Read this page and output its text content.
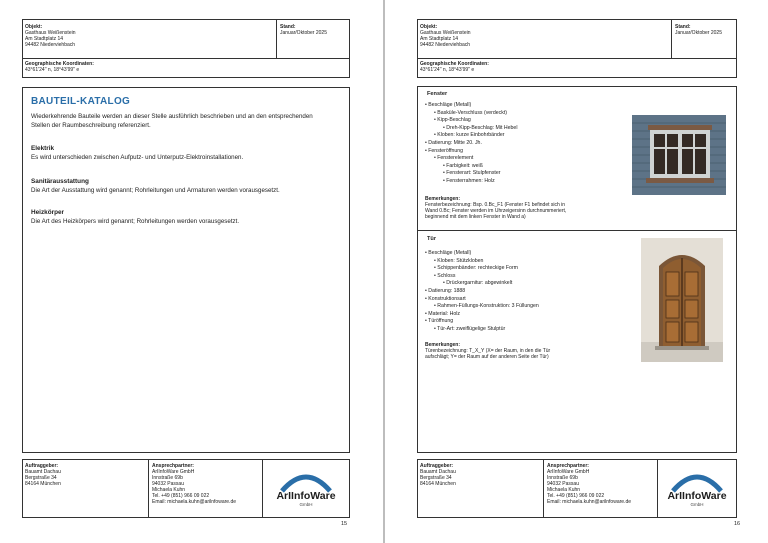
Objekt:
Gasthaus Weißenstein
Am Stadtplatz 14
94482 Niederviehbach
Stand:
Januar/Oktober 2025
Geographische Koordinaten:
43°61'24'' n, 18°43'99'' e
BAUTEIL-KATALOG
Wiederkehrende Bauteile werden an dieser Stelle ausführlich beschrieben und an den entsprechenden
Stellen der Raumbeschreibung referenziert.
Elektrik
Es wird unterschieden zwischen Aufputz- und Unterputz-Elektroinstallationen.
Sanitärausstattung
Die Art der Ausstattung wird genannt; Rohrleitungen und Armaturen werden vorausgesetzt.
Heizkörper
Die Art des Heizkörpers wird genannt; Rohrleitungen werden vorausgesetzt.
Auftraggeber:
Bauamt Dachau
Bergstraße 34
84164 München
Ansprechpartner:
ArIInfoWare GmbH
Innstraße 69b
94032 Passau
Michaela Kuhn
Tel. +49 (851) 966 09 022
Email: michaela.kuhn@arilnfoware.de	ArIInfoWare
GmbH
15
Objekt:
Gasthaus Weißenstein
Am Stadtplatz 14
94482 Niederviehbach
Stand:
Januar/Oktober 2025
Geographische Koordinaten:
43°61'24'' n, 18°43'99'' e
Fenster
• Beschläge (Metall)
• Basküle-Verschluss (verdeckt)
• Kipp-Beschlag
• Dreh-Kipp-Beschlag: Mit Hebel
• Kloben: kurze Einbohrbänder
• Datierung: Mitte 20. Jh.
• Fensteröffnung
• Fensterelement
• Farbigkeit: weiß
• Fensterart: Stulpfenster
• Fensterrahmen: Holz
Bemerkungen:
Fensterbezeichnung: Bsp. 0.Bc_F1 (Fenster F1 befindet sich in
Wand 0.Bc; Fenster werden im Uhrzeigersinn durchnummeriert,
beginnend mit dem linken Fenster in Wand a)
Tür
• Beschläge (Metall)
• Kloben: Stützkloben
• Schippenbänder: rechteckige Form
• Schloss
• Drückergarnitur: abgewinkelt
• Datierung: 1888
• Konstruktionsart
• Rahmen-Füllungs-Konstruktion: 3 Füllungen
• Material: Holz
• Türöffnung
• Tür-Art: zweiflügelige Stulptür
Bemerkungen:
Türenbezeichnung: T_X_Y (X= der Raum, in den die Tür
aufschlägt; Y= der Raum auf der anderen Seite der Tür)
Auftraggeber:
Bauamt Dachau
Bergstraße 34
84164 München
Ansprechpartner:
ArIInfoWare GmbH
Innstraße 69b
94032 Passau
Michaela Kuhn
Tel. +49 (851) 966 09 022
Email: michaela.kuhn@arilnfoware.de	ArIInfoWare
GmbH
16
